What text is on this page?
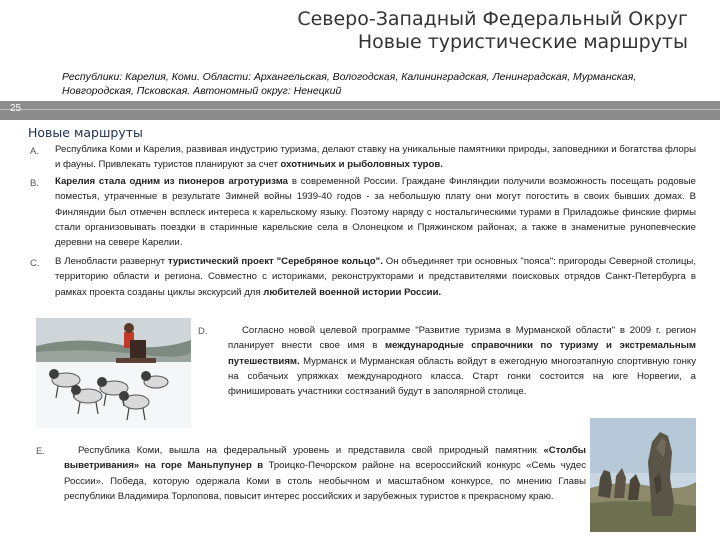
Северо-Западный Федеральный Округ
Новые туристические маршруты
Республики: Карелия, Коми. Области: Архангельская, Вологодская, Калининградская, Ленинградская, Мурманская, Новгородская, Псковская. Автономный округ: Ненецкий
25
Новые маршруты
A. Республика Коми и Карелия, развивая индустрию туризма, делают ставку на уникальные памятники природы, заповедники и богатства флоры и фауны. Привлекать туристов планируют за счет охотничьих и рыболовных туров.
B. Карелия стала одним из пионеров агротуризма в современной России. Граждане Финляндии получили возможность посещать родовые поместья, утраченные в результате Зимней войны 1939-40 годов - за небольшую плату они могут погостить в своих бывших домах. В Финляндии был отмечен всплеск интереса к карельскому языку. Поэтому наряду с ностальгическими турами в Приладожье финские фирмы стали организовывать поездки в старинные карельские села в Олонецком и Пряжинском районах, а также в знаменитые рунопевческие деревни на севере Карелии.
C. В Ленобласти развернут туристический проект "Серебряное кольцо". Он объединяет три основных "пояса": пригороды Северной столицы, территорию области и региона. Совместно с историками, реконструкторами и представителями поисковых отрядов Санкт-Петербурга в рамках проекта созданы циклы экскурсий для любителей военной истории России.
D.	Согласно новой целевой программе "Развитие туризма в Мурманской области" в 2009 г. регион планирует внести свое имя в международные справочники по туризму и экстремальным путешествиям. Мурманск и Мурманская область войдут в ежегодную многоэтапную спортивную гонку на собачьих упряжках международного класса. Старт гонки состоится на юге Норвегии, а финишировать участники состязаний будут в заполярной столице.
E.	Республика Коми, вышла на федеральный уровень и представила свой природный памятник «Столбы выветривания» на горе Маньпупунер в Троицко-Печорском районе на всероссийский конкурс «Семь чудес России». Победа, которую одержала Коми в столь необычном и масштабном конкурсе, по мнению Главы республики Владимира Торлопова, повысит интерес российских и зарубежных туристов к прекрасному краю.
